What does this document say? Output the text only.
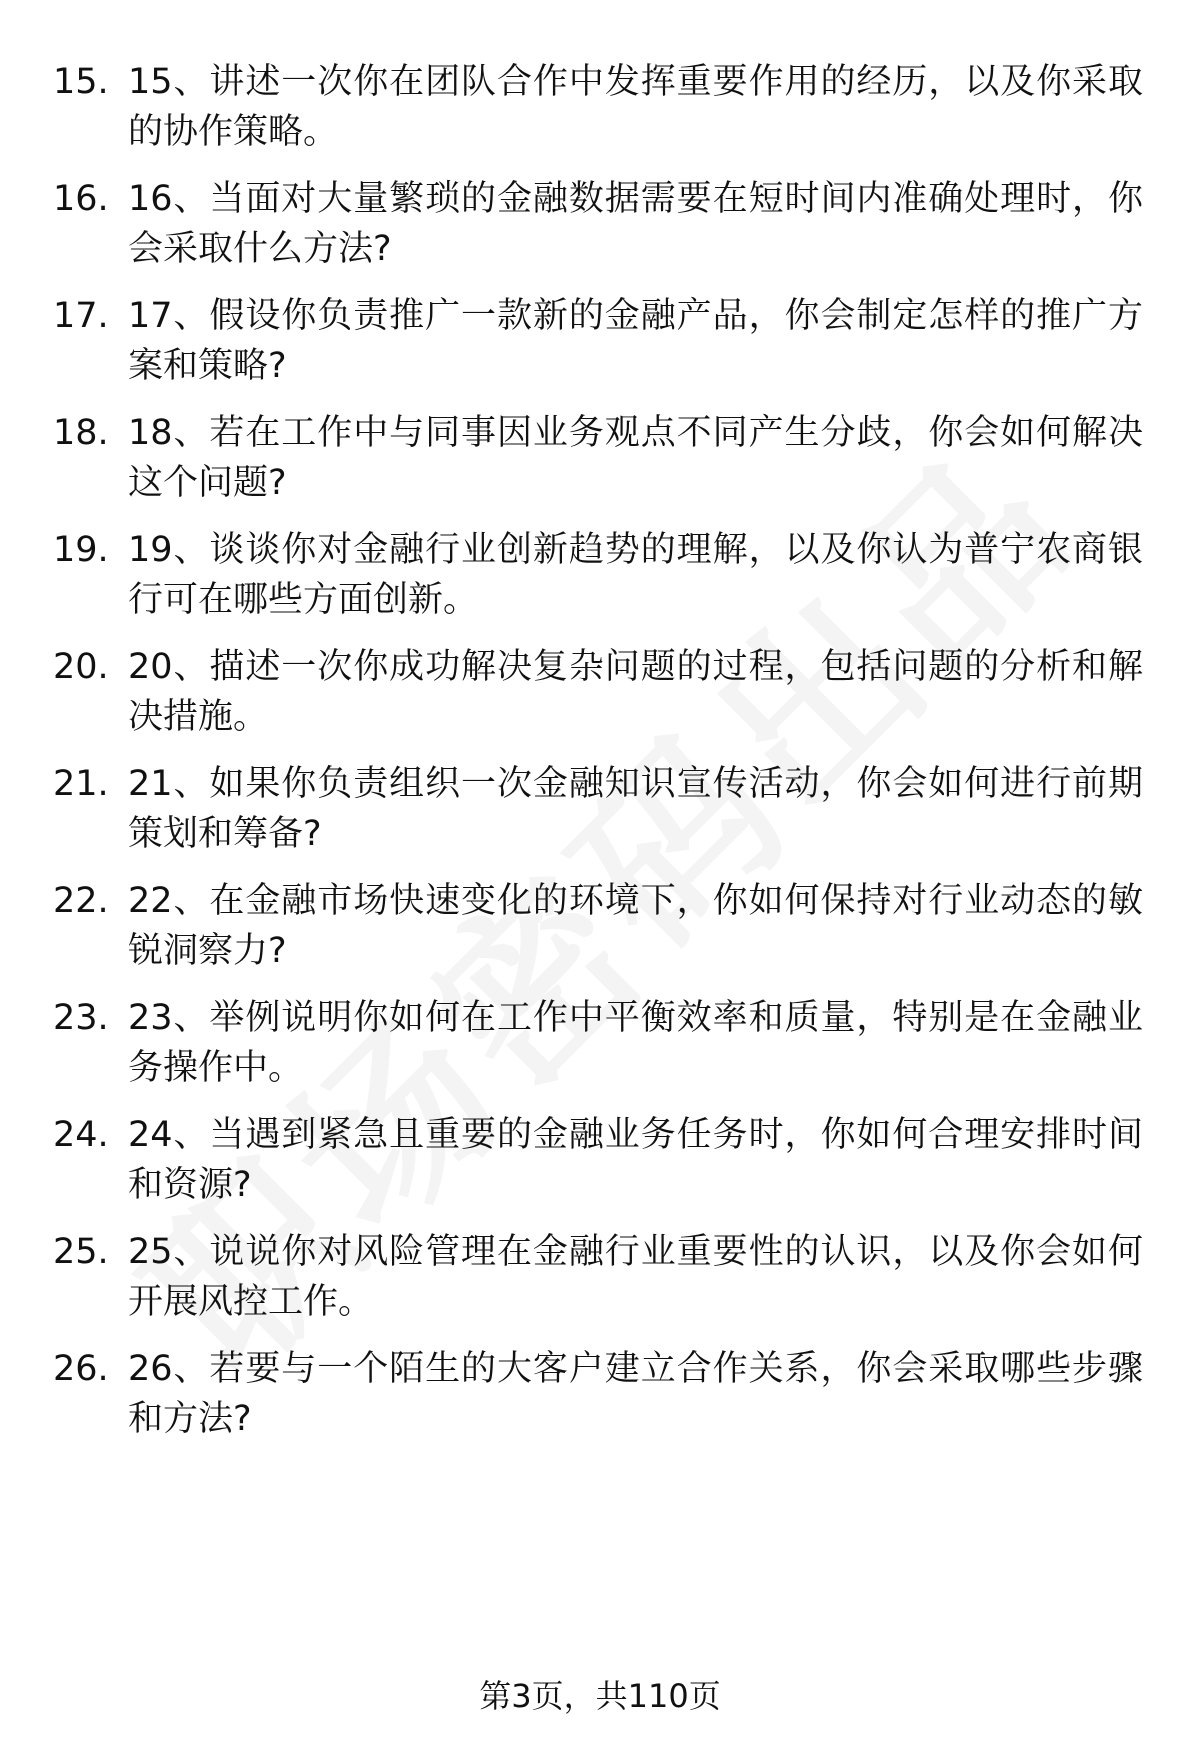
15. 15、讲述一次你在团队合作中发挥重要作用的经历，以及你采取的协作策略。
16. 16、当面对大量繁琐的金融数据需要在短时间内准确处理时，你会采取什么方法?
17. 17、假设你负责推广一款新的金融产品，你会制定怎样的推广方案和策略?
18. 18、若在工作中与同事因业务观点不同产生分歧，你会如何解决这个问题?
19. 19、谈谈你对金融行业创新趋势的理解，以及你认为普宁农商银行可在哪些方面创新。
20. 20、描述一次你成功解决复杂问题的过程，包括问题的分析和解决措施。
21. 21、如果你负责组织一次金融知识宣传活动，你会如何进行前期策划和筹备?
22. 22、在金融市场快速变化的环境下，你如何保持对行业动态的敏锐洞察力?
23. 23、举例说明你如何在工作中平衡效率和质量，特别是在金融业务操作中。
24. 24、当遇到紧急且重要的金融业务任务时，你如何合理安排时间和资源?
25. 25、说说你对风险管理在金融行业重要性的认识，以及你会如何开展风控工作。
26. 26、若要与一个陌生的大客户建立合作关系，你会采取哪些步骤和方法?
第3页，共110页
